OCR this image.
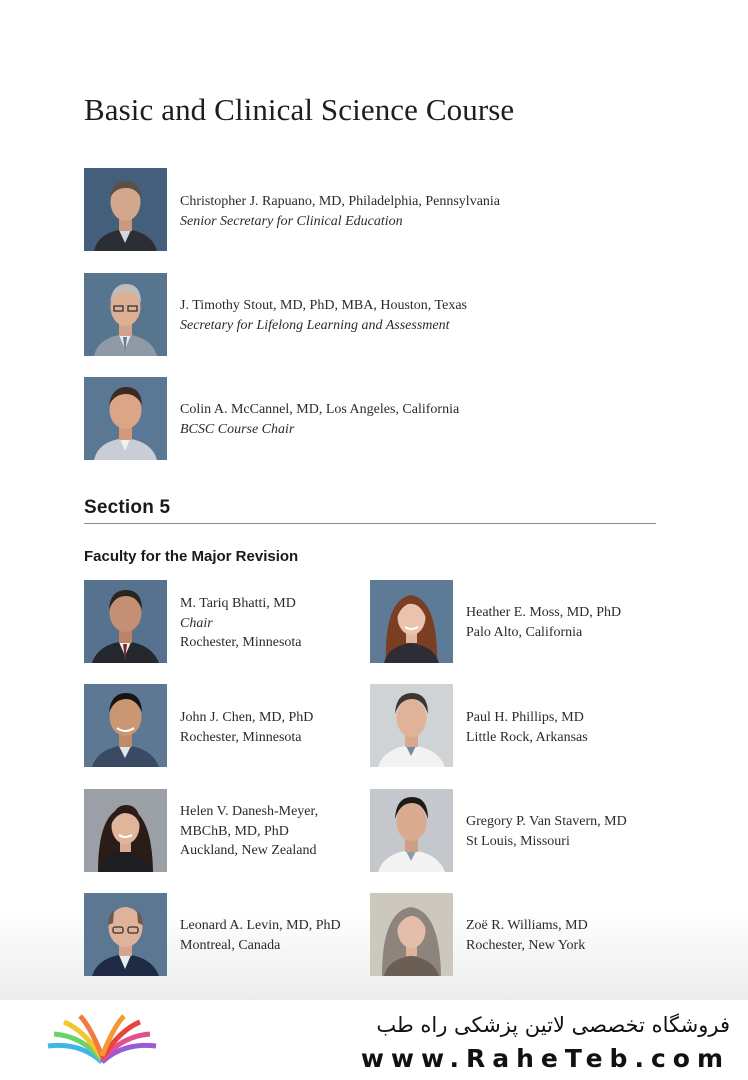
Basic and Clinical Science Course
Christopher J. Rapuano, MD, Philadelphia, Pennsylvania
Senior Secretary for Clinical Education
J. Timothy Stout, MD, PhD, MBA, Houston, Texas
Secretary for Lifelong Learning and Assessment
Colin A. McCannel, MD, Los Angeles, California
BCSC Course Chair
Section 5
Faculty for the Major Revision
M. Tariq Bhatti, MD
Chair
Rochester, Minnesota
John J. Chen, MD, PhD
Rochester, Minnesota
Helen V. Danesh-Meyer,
MBChB, MD, PhD
Auckland, New Zealand
Leonard A. Levin, MD, PhD
Montreal, Canada
Heather E. Moss, MD, PhD
Palo Alto, California
Paul H. Phillips, MD
Little Rock, Arkansas
Gregory P. Van Stavern, MD
St Louis, Missouri
Zoë R. Williams, MD
Rochester, New York
فروشگاه تخصصی لاتین پزشکی راه طب
www.RaheTeb.com
